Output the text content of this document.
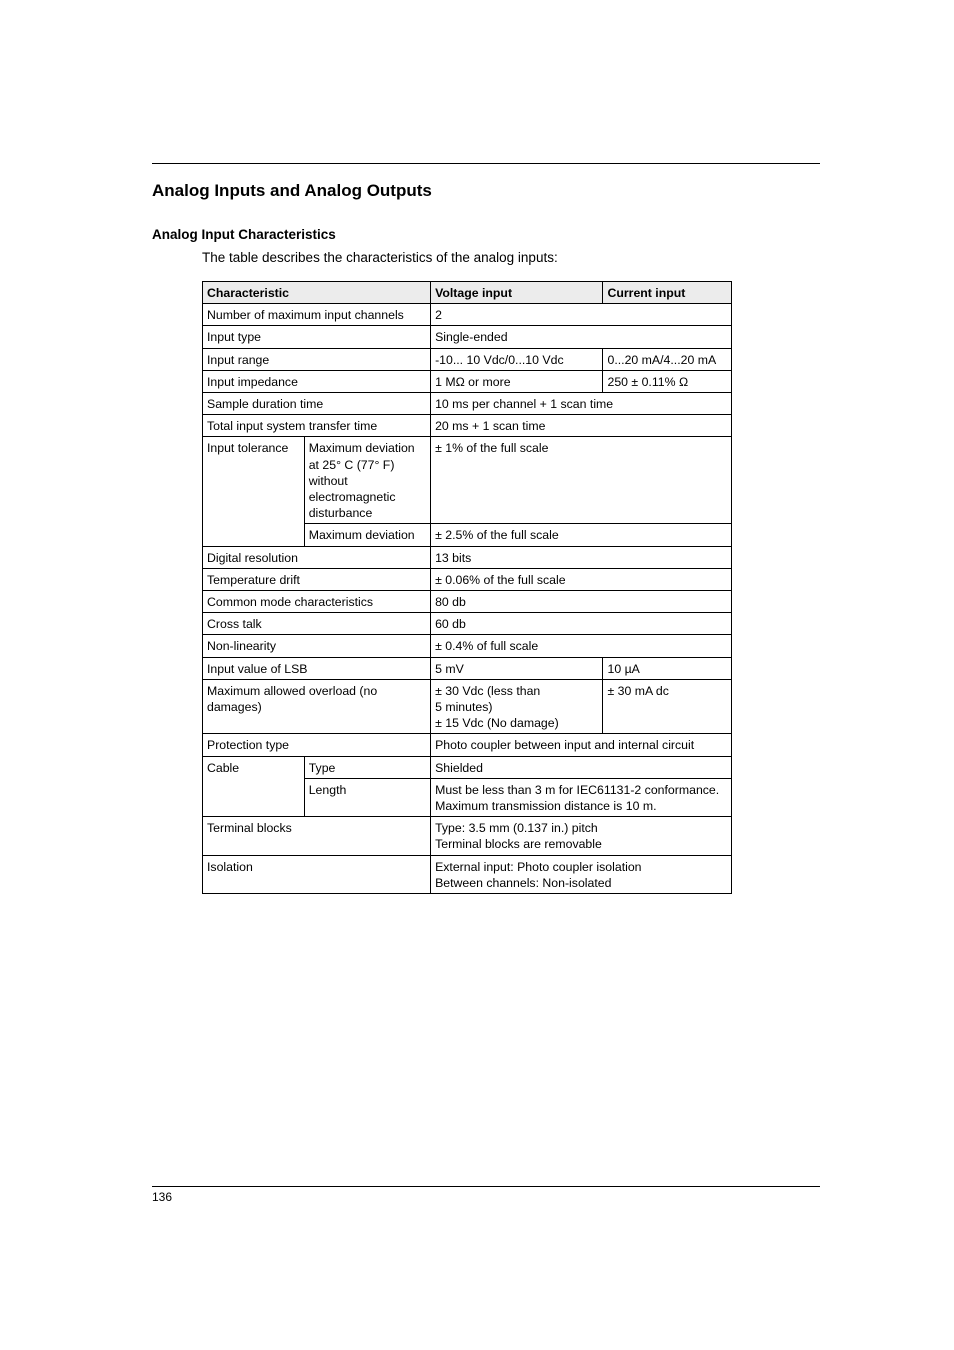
Analog Inputs and Analog Outputs
Analog Input Characteristics

The table describes the characteristics of the analog inputs:

Characteristic		Voltage input	Current input
Number of maximum input channels		2	
Input type		Single-ended	
Input range		-10... 10 Vdc/0...10 Vdc	0...20 mA/4...20 mA
Input impedance		1 MΩ or more	250 ± 0.11% Ω
Sample duration time		10 ms per channel + 1 scan time	
Total input system transfer time		20 ms + 1 scan time	
Input tolerance	Maximum deviation at 25° C (77° F) without electromagnetic disturbance	± 1% of the full scale	
	Maximum deviation	± 2.5% of the full scale	
Digital resolution		13 bits	
Temperature drift		± 0.06% of the full scale	
Common mode characteristics		80 db	
Cross talk		60 db	
Non-linearity		± 0.4% of full scale	
Input value of LSB		5 mV	10 µA
Maximum allowed overload (no damages)		± 30 Vdc (less than
5 minutes)
± 15 Vdc (No damage)	± 30 mA dc
Protection type		Photo coupler between input and internal circuit	
Cable	Type	Shielded	
	Length	Must be less than 3 m for IEC61131-2 conformance. Maximum transmission distance is 10 m.	
Terminal blocks		Type: 3.5 mm (0.137 in.) pitch
Terminal blocks are removable	
Isolation		External input: Photo coupler isolation
Between channels: Non-isolated	
136
